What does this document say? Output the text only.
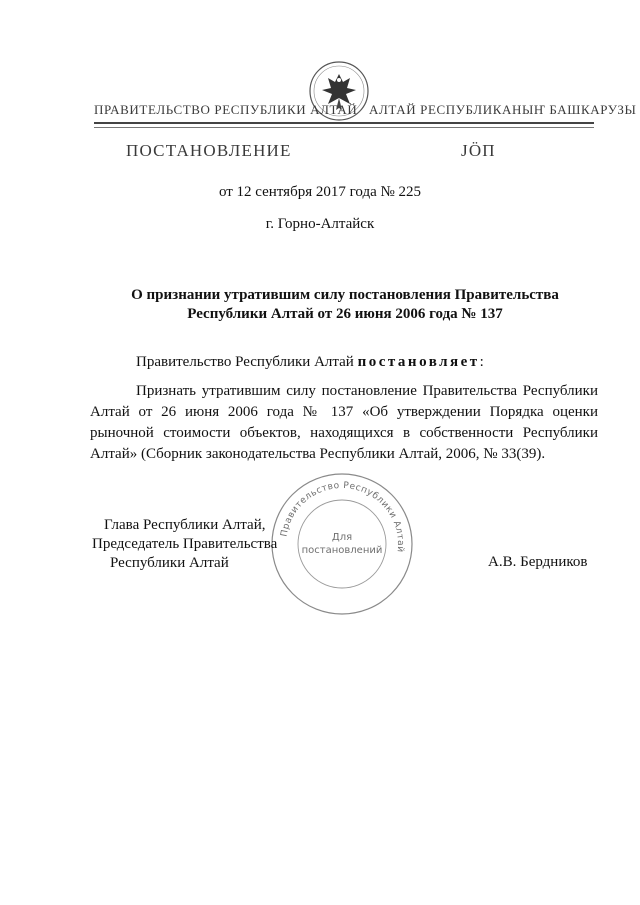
ПРАВИТЕЛЬСТВО РЕСПУБЛИКИ АЛТАЙ АЛТАЙ РЕСПУБЛИКАНЫҤ БАШКАРУЗЫ
ПОСТАНОВЛЕНИЕ	ЈÖП
от 12 сентября 2017 года № 225
г. Горно-Алтайск
О признании утратившим силу постановления Правительства Республики Алтай от 26 июня 2006 года № 137
Правительство Республики Алтай постановляет:
Признать утратившим силу постановление Правительства Республики Алтай от 26 июня 2006 года № 137 «Об утверждении Порядка оценки рыночной стоимости объектов, находящихся в собственности Республики Алтай» (Сборник законодательства Республики Алтай, 2006, № 33(39).
Правительство Республики Алтай
Для
постановлений
Глава Республики Алтай,
Председатель Правительства
Республики Алтай	А.В. Бердников
